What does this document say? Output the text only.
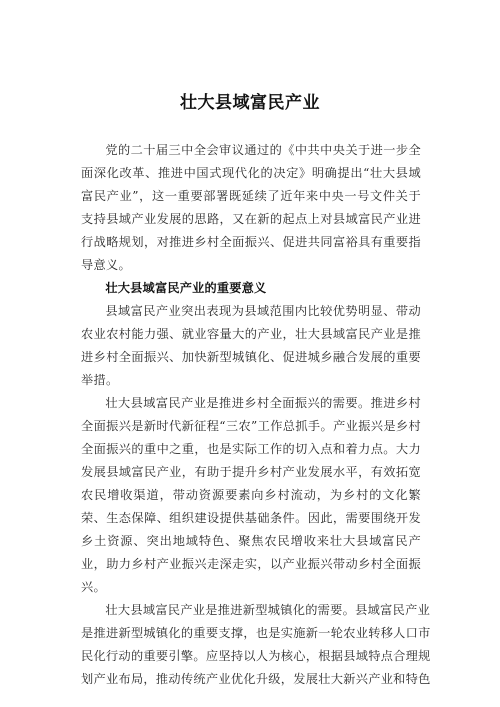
壮大县域富民产业

党的二十届三中全会审议通过的《中共中央关于进一步全面深化改革、推进中国式现代化的决定》明确提出“壮大县域富民产业”，这一重要部署既延续了近年来中央一号文件关于支持县域产业发展的思路，又在新的起点上对县域富民产业进行战略规划，对推进乡村全面振兴、促进共同富裕具有重要指导意义。

壮大县域富民产业的重要意义

县域富民产业突出表现为县域范围内比较优势明显、带动农业农村能力强、就业容量大的产业，壮大县域富民产业是推进乡村全面振兴、加快新型城镇化、促进城乡融合发展的重要举措。

壮大县域富民产业是推进乡村全面振兴的需要。推进乡村全面振兴是新时代新征程“三农”工作总抓手。产业振兴是乡村全面振兴的重中之重，也是实际工作的切入点和着力点。大力发展县域富民产业，有助于提升乡村产业发展水平，有效拓宽农民增收渠道，带动资源要素向乡村流动，为乡村的文化繁荣、生态保障、组织建设提供基础条件。因此，需要围绕开发乡土资源、突出地域特色、聚焦农民增收来壮大县域富民产业，助力乡村产业振兴走深走实，以产业振兴带动乡村全面振兴。

壮大县域富民产业是推进新型城镇化的需要。县域富民产业
是推进新型城镇化的重要支撑，也是实施新一轮农业转移人口市
民化行动的重要引擎。应坚持以人为核心，根据县域特点合理规
划产业布局，推动传统产业优化升级，发展壮大新兴产业和特色
